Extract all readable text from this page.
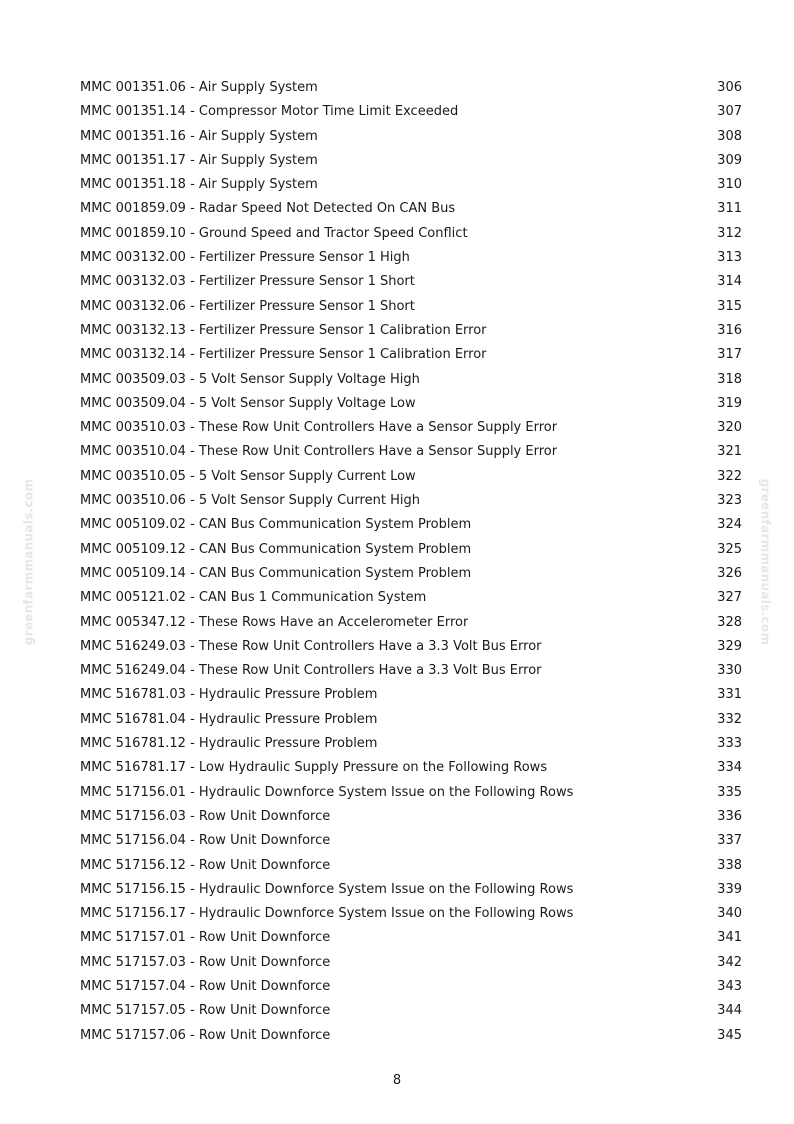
greenfarmmanuals.com	greenfarmmanuals.com
MMC 001351.06 - Air Supply System	306
MMC 001351.14 - Compressor Motor Time Limit Exceeded	307
MMC 001351.16 - Air Supply System	308
MMC 001351.17 - Air Supply System	309
MMC 001351.18 - Air Supply System	310
MMC 001859.09 - Radar Speed Not Detected On CAN Bus	311
MMC 001859.10 - Ground Speed and Tractor Speed Conflict	312
MMC 003132.00 - Fertilizer Pressure Sensor 1 High	313
MMC 003132.03 - Fertilizer Pressure Sensor 1 Short	314
MMC 003132.06 - Fertilizer Pressure Sensor 1 Short	315
MMC 003132.13 - Fertilizer Pressure Sensor 1 Calibration Error	316
MMC 003132.14 - Fertilizer Pressure Sensor 1 Calibration Error	317
MMC 003509.03 - 5 Volt Sensor Supply Voltage High	318
MMC 003509.04 - 5 Volt Sensor Supply Voltage Low	319
MMC 003510.03 - These Row Unit Controllers Have a Sensor Supply Error	320
MMC 003510.04 - These Row Unit Controllers Have a Sensor Supply Error	321
MMC 003510.05 - 5 Volt Sensor Supply Current Low	322
MMC 003510.06 - 5 Volt Sensor Supply Current High	323
MMC 005109.02 - CAN Bus Communication System Problem	324
MMC 005109.12 - CAN Bus Communication System Problem	325
MMC 005109.14 - CAN Bus Communication System Problem	326
MMC 005121.02 - CAN Bus 1 Communication System	327
MMC 005347.12 - These Rows Have an Accelerometer Error	328
MMC 516249.03 - These Row Unit Controllers Have a 3.3 Volt Bus Error	329
MMC 516249.04 - These Row Unit Controllers Have a 3.3 Volt Bus Error	330
MMC 516781.03 - Hydraulic Pressure Problem	331
MMC 516781.04 - Hydraulic Pressure Problem	332
MMC 516781.12 - Hydraulic Pressure Problem	333
MMC 516781.17 - Low Hydraulic Supply Pressure on the Following Rows	334
MMC 517156.01 - Hydraulic Downforce System Issue on the Following Rows	335
MMC 517156.03 - Row Unit Downforce	336
MMC 517156.04 - Row Unit Downforce	337
MMC 517156.12 - Row Unit Downforce	338
MMC 517156.15 - Hydraulic Downforce System Issue on the Following Rows	339
MMC 517156.17 - Hydraulic Downforce System Issue on the Following Rows	340
MMC 517157.01 - Row Unit Downforce	341
MMC 517157.03 - Row Unit Downforce	342
MMC 517157.04 - Row Unit Downforce	343
MMC 517157.05 - Row Unit Downforce	344
MMC 517157.06 - Row Unit Downforce	345
8
